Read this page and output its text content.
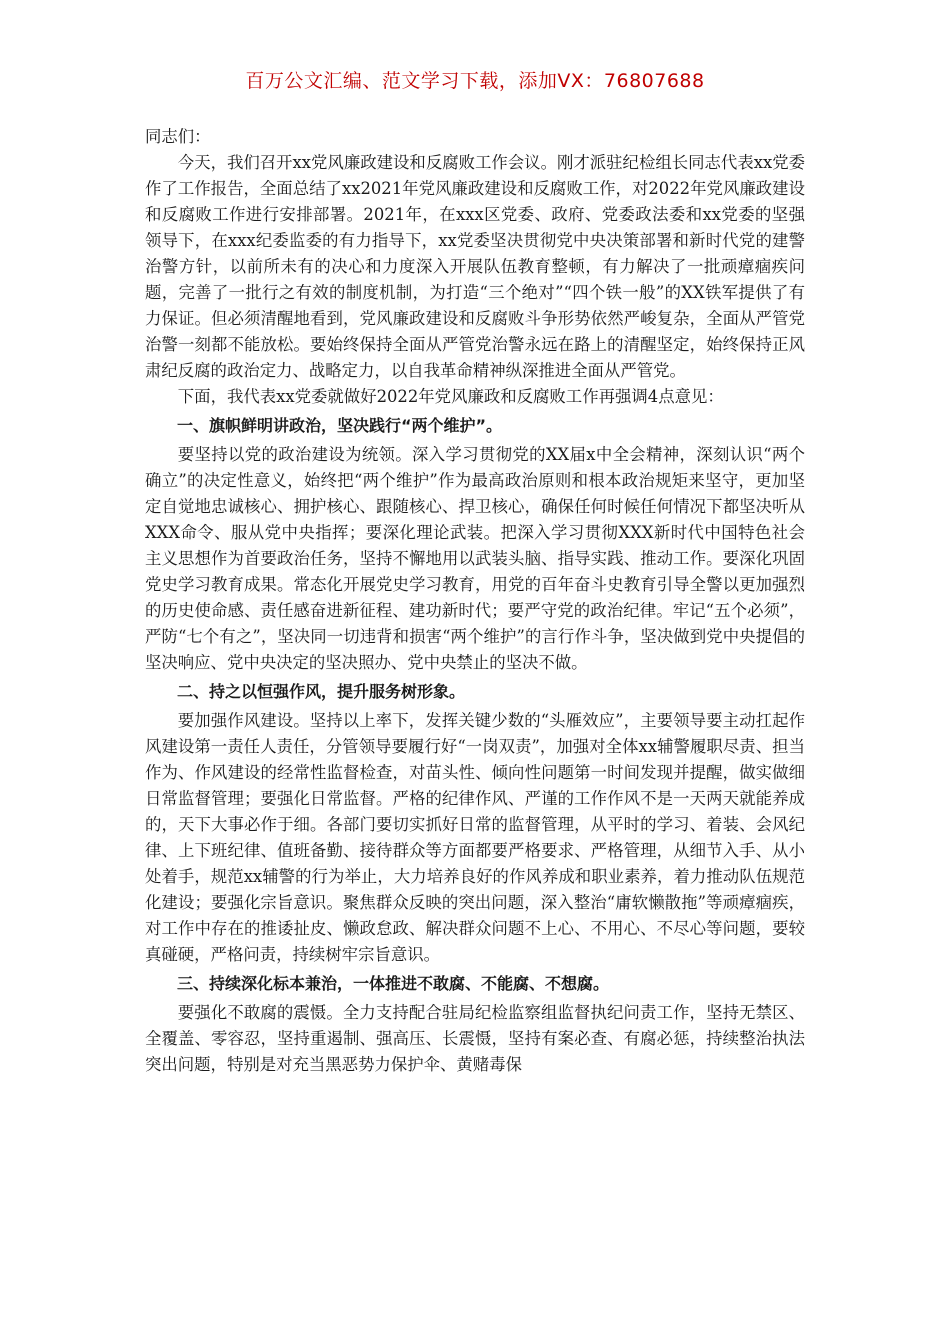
百万公文汇编、范文学习下载，添加VX：76807688

同志们：

今天，我们召开xx党风廉政建设和反腐败工作会议。刚才派驻纪检组长同志代表xx党委作了工作报告，全面总结了xx2021年党风廉政建设和反腐败工作，对2022年党风廉政建设和反腐败工作进行安排部署。2021年，在xxx区党委、政府、党委政法委和xx党委的坚强领导下，在xxx纪委监委的有力指导下，xx党委坚决贯彻党中央决策部署和新时代党的建警治警方针，以前所未有的决心和力度深入开展队伍教育整顿，有力解决了一批顽瘴痼疾问题，完善了一批行之有效的制度机制，为打造“三个绝对”“四个铁一般”的XX铁军提供了有力保证。但必须清醒地看到，党风廉政建设和反腐败斗争形势依然严峻复杂，全面从严管党治警一刻都不能放松。要始终保持全面从严管党治警永远在路上的清醒坚定，始终保持正风肃纪反腐的政治定力、战略定力，以自我革命精神纵深推进全面从严管党。

下面，我代表xx党委就做好2022年党风廉政和反腐败工作再强调4点意见：

一、旗帜鲜明讲政治，坚决践行“两个维护”。

要坚持以党的政治建设为统领。深入学习贯彻党的XX届x中全会精神，深刻认识“两个确立”的决定性意义，始终把“两个维护”作为最高政治原则和根本政治规矩来坚守，更加坚定自觉地忠诚核心、拥护核心、跟随核心、捍卫核心，确保任何时候任何情况下都坚决听从XXX命令、服从党中央指挥；要深化理论武装。把深入学习贯彻XXX新时代中国特色社会主义思想作为首要政治任务，坚持不懈地用以武装头脑、指导实践、推动工作。要深化巩固党史学习教育成果。常态化开展党史学习教育，用党的百年奋斗史教育引导全警以更加强烈的历史使命感、责任感奋进新征程、建功新时代；要严守党的政治纪律。牢记“五个必须”，严防“七个有之”，坚决同一切违背和损害“两个维护”的言行作斗争，坚决做到党中央提倡的坚决响应、党中央决定的坚决照办、党中央禁止的坚决不做。

二、持之以恒强作风，提升服务树形象。

要加强作风建设。坚持以上率下，发挥关键少数的“头雁效应”，主要领导要主动扛起作风建设第一责任人责任，分管领导要履行好“一岗双责”，加强对全体xx辅警履职尽责、担当作为、作风建设的经常性监督检查，对苗头性、倾向性问题第一时间发现并提醒，做实做细日常监督管理；要强化日常监督。严格的纪律作风、严谨的工作作风不是一天两天就能养成的，天下大事必作于细。各部门要切实抓好日常的监督管理，从平时的学习、着装、会风纪律、上下班纪律、值班备勤、接待群众等方面都要严格要求、严格管理，从细节入手、从小处着手，规范xx辅警的行为举止，大力培养良好的作风养成和职业素养，着力推动队伍规范化建设；要强化宗旨意识。聚焦群众反映的突出问题，深入整治“庸软懒散拖”等顽瘴痼疾，对工作中存在的推诿扯皮、懒政怠政、解决群众问题不上心、不用心、不尽心等问题，要较真碰硬，严格问责，持续树牢宗旨意识。

三、持续深化标本兼治，一体推进不敢腐、不能腐、不想腐。

要强化不敢腐的震慑。全力支持配合驻局纪检监察组监督执纪问责工作，坚持无禁区、全覆盖、零容忍，坚持重遏制、强高压、长震慑，坚持有案必查、有腐必惩，持续整治执法突出问题，特别是对充当黑恶势力保护伞、黄赌毒保
